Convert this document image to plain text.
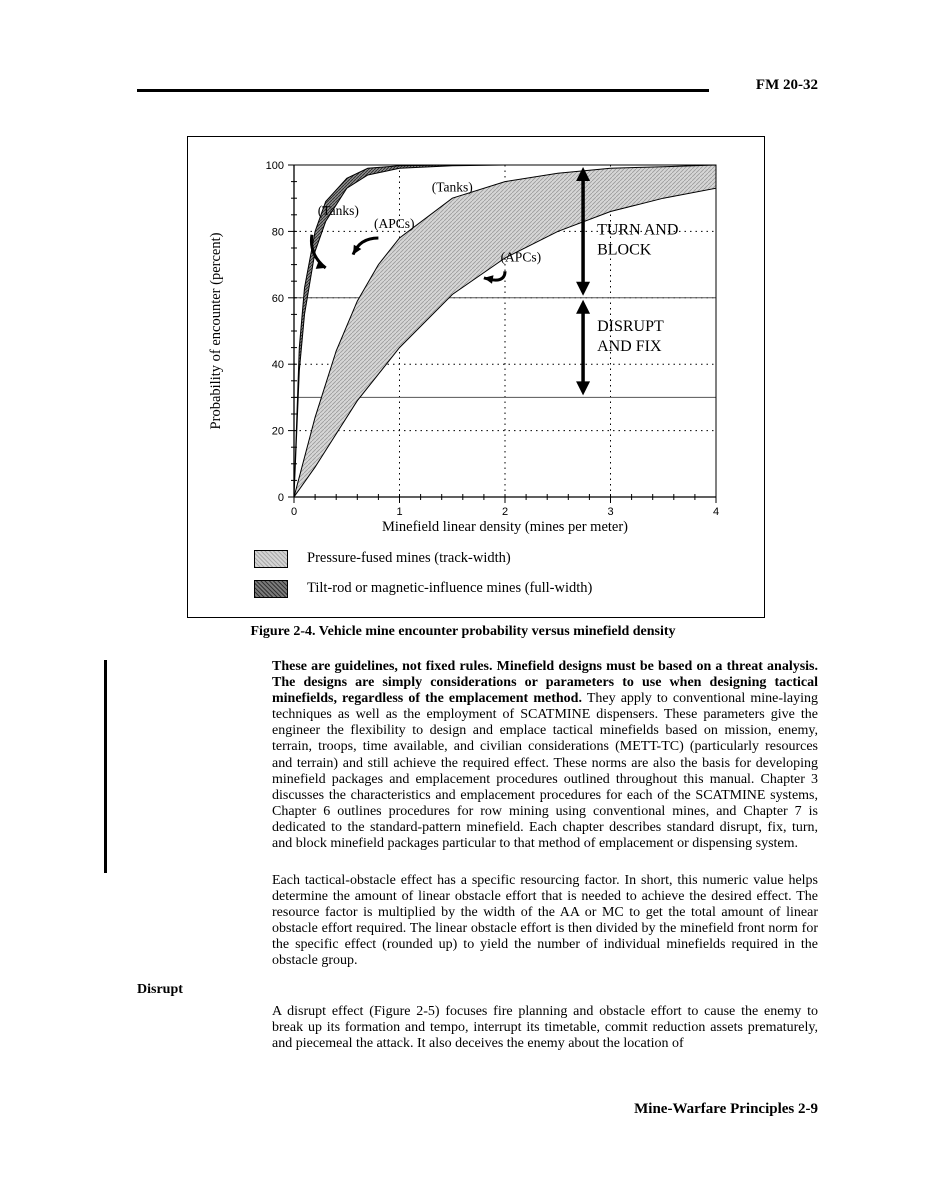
FM 20-32
0
20
40
60
80
100
0	1	2	3	4
Minefield linear density (mines per meter)
Probability of encounter (percent)
(Tanks)
(APCs)
(Tanks)
(APCs)
TURN AND
BLOCK
DISRUPT
AND FIX
Pressure-fused mines (track-width)
Tilt-rod or magnetic-influence mines (full-width)
Figure 2-4. Vehicle mine encounter probability versus minefield density

These are guidelines, not fixed rules. Minefield designs must be based on a threat analysis. The designs are simply considerations or parameters to use when designing tactical minefields, regardless of the emplacement method. They apply to conventional mine-laying techniques as well as the employment of SCATMINE dispensers. These parameters give the engineer the flexibility to design and emplace tactical minefields based on mission, enemy, terrain, troops, time available, and civilian considerations (METT-TC) (particularly resources and terrain) and still achieve the required effect. These norms are also the basis for developing minefield packages and emplacement procedures outlined throughout this manual. Chapter 3 discusses the characteristics and emplacement procedures for each of the SCATMINE systems, Chapter 6 outlines procedures for row mining using conventional mines, and Chapter 7 is dedicated to the standard-pattern minefield. Each chapter describes standard disrupt, fix, turn, and block minefield packages particular to that method of emplacement or dispensing system.

Each tactical-obstacle effect has a specific resourcing factor. In short, this numeric value helps determine the amount of linear obstacle effort that is needed to achieve the desired effect. The resource factor is multiplied by the width of the AA or MC to get the total amount of linear obstacle effort required. The linear obstacle effort is then divided by the minefield front norm for the specific effect (rounded up) to yield the number of individual minefields required in the obstacle group.

Disrupt

A disrupt effect (Figure 2-5) focuses fire planning and obstacle effort to cause the enemy to break up its formation and tempo, interrupt its timetable, commit reduction assets prematurely, and piecemeal the attack. It also deceives the enemy about the location of

Mine-Warfare Principles 2-9
